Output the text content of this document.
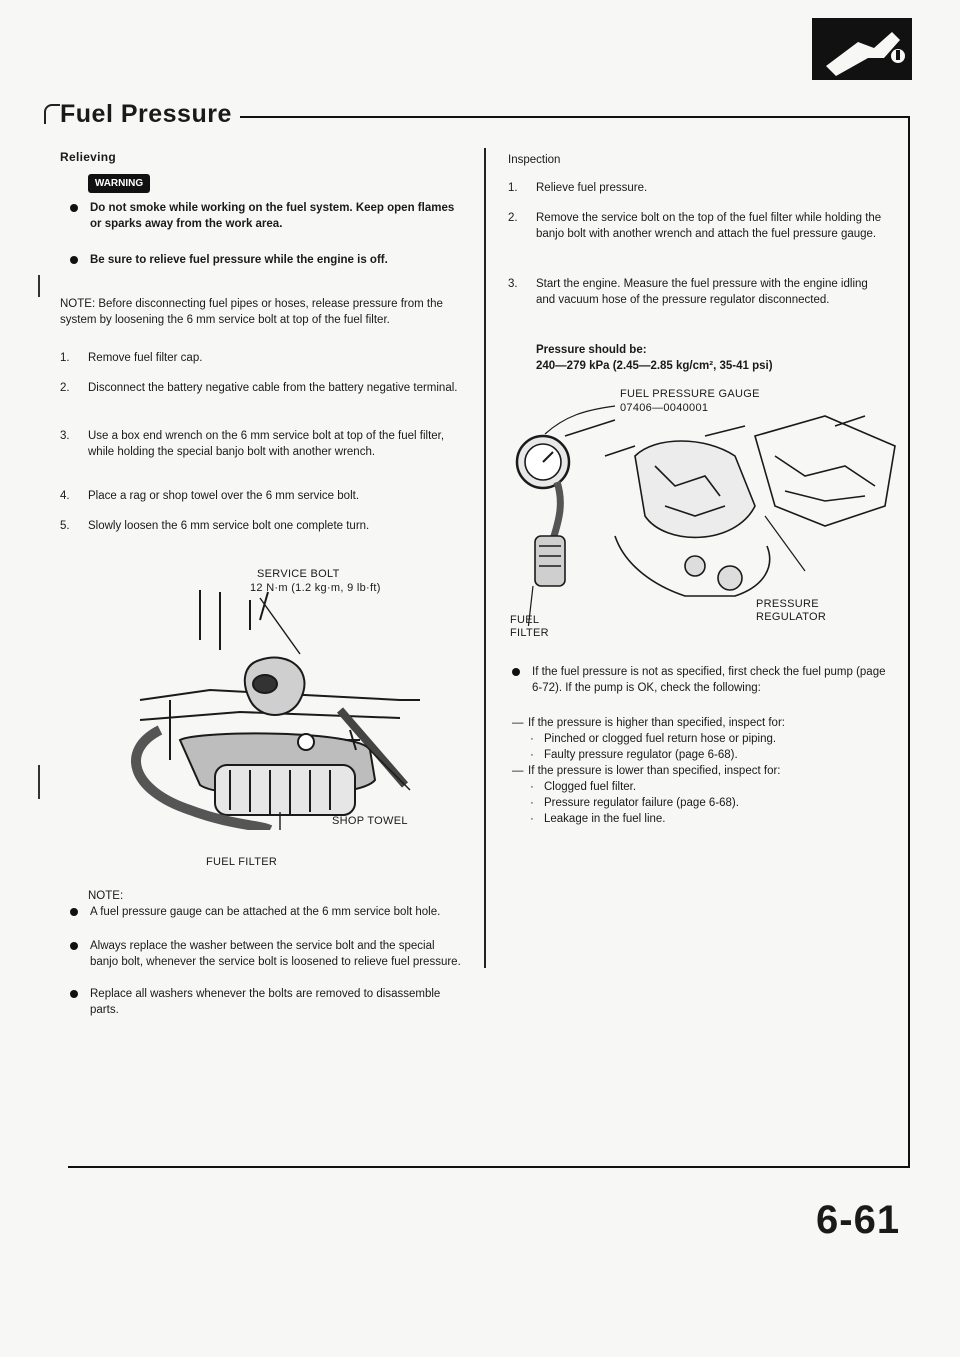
Fuel Pressure
Relieving
WARNING
Do not smoke while working on the fuel system. Keep open flames or sparks away from the work area.
Be sure to relieve fuel pressure while the engine is off.
NOTE: Before disconnecting fuel pipes or hoses, release pressure from the system by loosening the 6 mm service bolt at top of the fuel filter.
1. Remove fuel filter cap.
2. Disconnect the battery negative cable from the battery negative terminal.
3. Use a box end wrench on the 6 mm service bolt at top of the fuel filter, while holding the special banjo bolt with another wrench.
4. Place a rag or shop towel over the 6 mm service bolt.
5. Slowly loosen the 6 mm service bolt one complete turn.
SERVICE BOLT
12 N·m (1.2 kg·m, 9 lb·ft)
SHOP TOWEL
FUEL FILTER
NOTE:
A fuel pressure gauge can be attached at the 6 mm service bolt hole.
Always replace the washer between the service bolt and the special banjo bolt, whenever the service bolt is loosened to relieve fuel pressure.
Replace all washers whenever the bolts are removed to disassemble parts.
Inspection
1. Relieve fuel pressure.
2. Remove the service bolt on the top of the fuel filter while holding the banjo bolt with another wrench and attach the fuel pressure gauge.
3. Start the engine. Measure the fuel pressure with the engine idling and vacuum hose of the pressure regulator disconnected.
Pressure should be:
240—279 kPa (2.45—2.85 kg/cm², 35-41 psi)
FUEL PRESSURE GAUGE
07406—0040001
PRESSURE
REGULATOR
FUEL
FILTER
If the fuel pressure is not as specified, first check the fuel pump (page 6-72). If the pump is OK, check the following:
— If the pressure is higher than specified, inspect for:
· Pinched or clogged fuel return hose or piping.
· Faulty pressure regulator (page 6-68).
— If the pressure is lower than specified, inspect for:
· Clogged fuel filter.
· Pressure regulator failure (page 6-68).
· Leakage in the fuel line.
6-61
